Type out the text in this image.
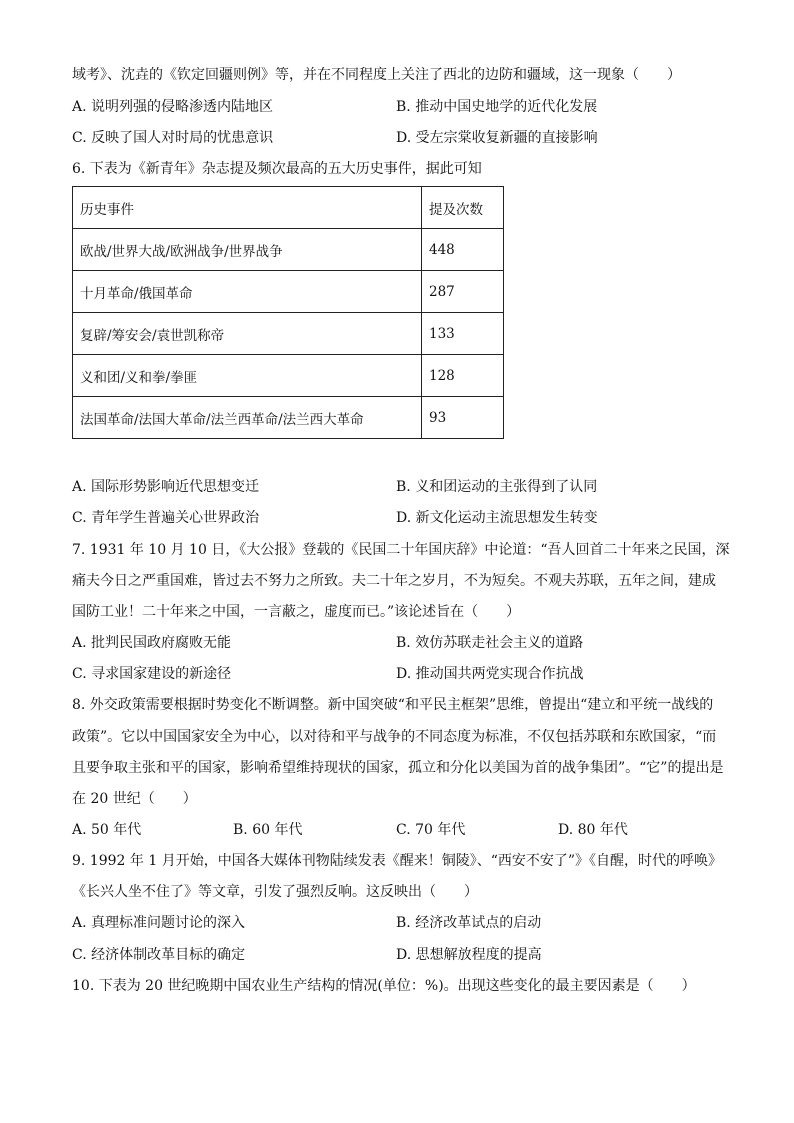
域考》、沈垚的《钦定回疆则例》等，并在不同程度上关注了西北的边防和疆域，这一现象（　　）
A. 说明列强的侵略渗透内陆地区	B. 推动中国史地学的近代化发展
C. 反映了国人对时局的忧患意识	D. 受左宗棠收复新疆的直接影响
6. 下表为《新青年》杂志提及频次最高的五大历史事件，据此可知
历史事件	提及次数
欧战/世界大战/欧洲战争/世界战争	448
十月革命/俄国革命	287
复辟/筹安会/袁世凯称帝	133
义和团/义和拳/拳匪	128
法国革命/法国大革命/法兰西革命/法兰西大革命	93
A. 国际形势影响近代思想变迁	B. 义和团运动的主张得到了认同
C. 青年学生普遍关心世界政治	D. 新文化运动主流思想发生转变
7. 1931 年 10 月 10 日，《大公报》登载的《民国二十年国庆辞》中论道：“吾人回首二十年来之民国，深
痛夫今日之严重国难，皆过去不努力之所致。夫二十年之岁月，不为短矣。不观夫苏联，五年之间，建成
国防工业！二十年来之中国，一言蔽之，虚度而已。”该论述旨在（　　）
A. 批判民国政府腐败无能	B. 效仿苏联走社会主义的道路
C. 寻求国家建设的新途径	D. 推动国共两党实现合作抗战
8. 外交政策需要根据时势变化不断调整。新中国突破“和平民主框架”思维，曾提出“建立和平统一战线的
政策”。它以中国国家安全为中心，以对待和平与战争的不同态度为标准，不仅包括苏联和东欧国家，“而
且要争取主张和平的国家，影响希望维持现状的国家，孤立和分化以美国为首的战争集团”。“它”的提出是
在 20 世纪（　　）
A. 50 年代	B. 60 年代	C. 70 年代	D. 80 年代
9. 1992 年 1 月开始，中国各大媒体刊物陆续发表《醒来！铜陵》、“西安不安了”》《自醒，时代的呼唤》
《长兴人坐不住了》等文章，引发了强烈反响。这反映出（　　）
A. 真理标准问题讨论的深入	B. 经济改革试点的启动
C. 经济体制改革目标的确定	D. 思想解放程度的提高
10. 下表为 20 世纪晚期中国农业生产结构的情况(单位：%)。出现这些变化的最主要因素是（　　）
